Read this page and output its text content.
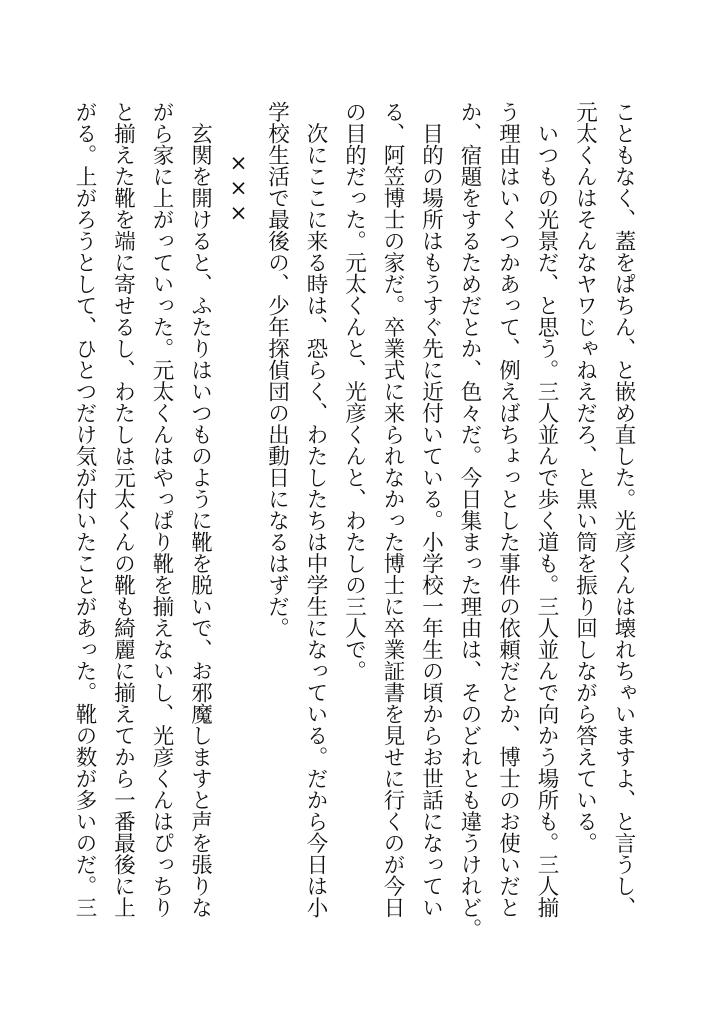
こともなく、蓋をぱちん、と嵌め直した。光彦くんは壊れちゃいますよ、と言うし、
元太くんはそんなヤワじゃねえだろ、と黒い筒を振り回しながら答えている。
　いつもの光景だ、と思う。三人並んで歩く道も。三人並んで向かう場所も。三人揃
う理由はいくつかあって、例えばちょっとした事件の依頼だとか、博士のお使いだと
か、宿題をするためだとか、色々だ。今日集まった理由は、そのどれとも違うけれど。
　目的の場所はもうすぐ先に近付いている。小学校一年生の頃からお世話になってい
る、阿笠博士の家だ。卒業式に来られなかった博士に卒業証書を見せに行くのが今日
の目的だった。元太くんと、光彦くんと、わたしの三人で。
　次にここに来る時は、恐らく、わたしたちは中学生になっている。だから今日は小
学校生活で最後の、少年探偵団の出動日になるはずだ。
×××
　玄関を開けると、ふたりはいつものように靴を脱いで、お邪魔しますと声を張りな
がら家に上がっていった。元太くんはやっぱり靴を揃えないし、光彦くんはぴっちり
と揃えた靴を端に寄せるし、わたしは元太くんの靴も綺麗に揃えてから一番最後に上
がる。上がろうとして、ひとつだけ気が付いたことがあった。靴の数が多いのだ。三
